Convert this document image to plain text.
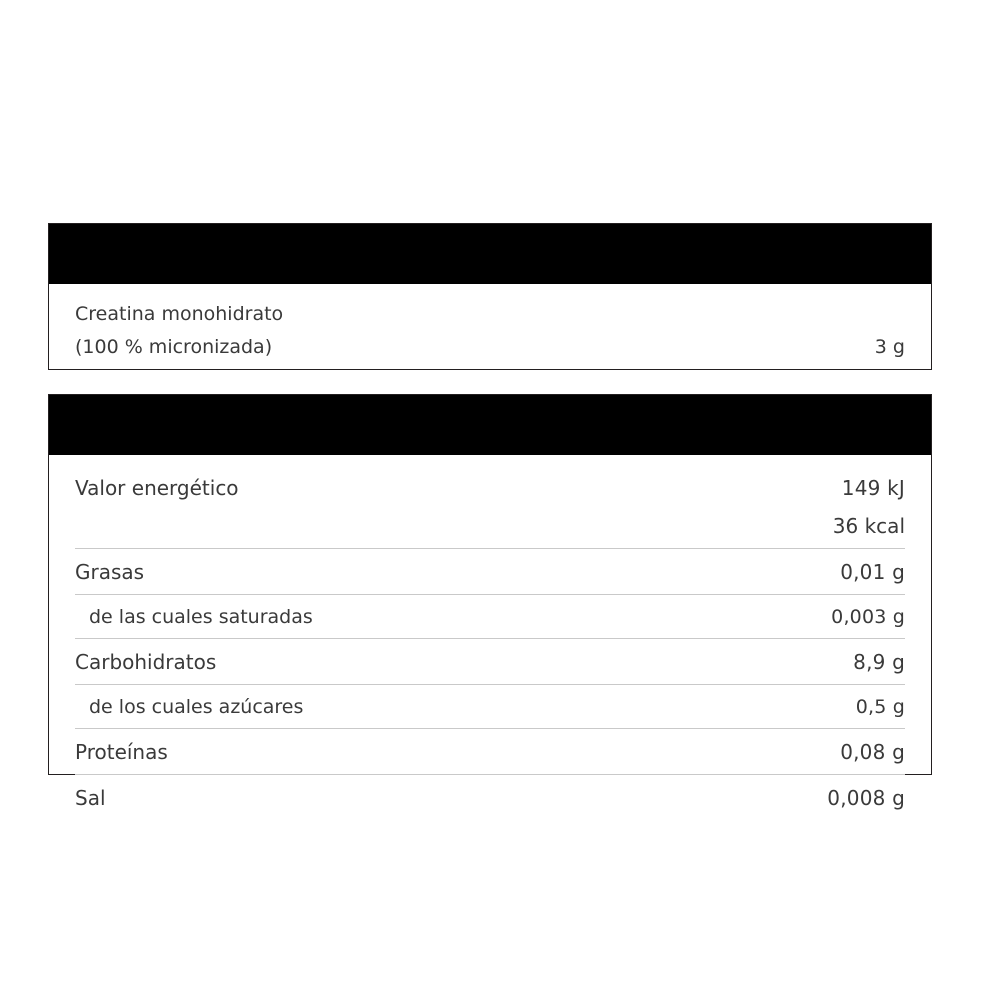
Creatina monohidrato
(100 % micronizada)	3 g
Valor energético	149 kJ
36 kcal
Grasas	0,01 g
de las cuales saturadas	0,003 g
Carbohidratos	8,9 g
de los cuales azúcares	0,5 g
Proteínas	0,08 g
Sal	0,008 g
